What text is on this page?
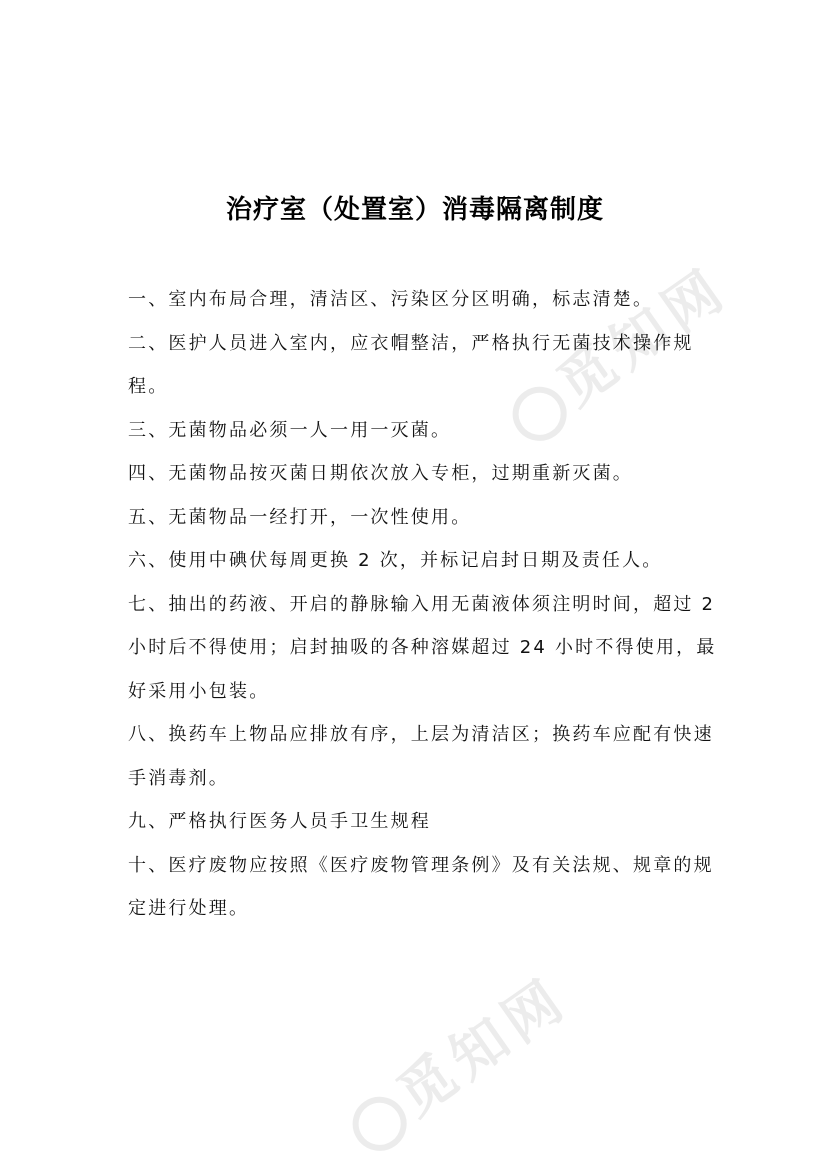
觅知网
觅知网
治疗室（处置室）消毒隔离制度

一、室内布局合理，清洁区、污染区分区明确，标志清楚。

二、医护人员进入室内，应衣帽整洁，严格执行无菌技术操作规程。

三、无菌物品必须一人一用一灭菌。

四、无菌物品按灭菌日期依次放入专柜，过期重新灭菌。

五、无菌物品一经打开，一次性使用。

六、使用中碘伏每周更换 2 次，并标记启封日期及责任人。

七、抽出的药液、开启的静脉输入用无菌液体须注明时间，超过 2 小时后不得使用；启封抽吸的各种溶媒超过 24 小时不得使用，最好采用小包装。

八、换药车上物品应排放有序，上层为清洁区；换药车应配有快速手消毒剂。

九、严格执行医务人员手卫生规程

十、医疗废物应按照《医疗废物管理条例》及有关法规、规章的规定进行处理。
